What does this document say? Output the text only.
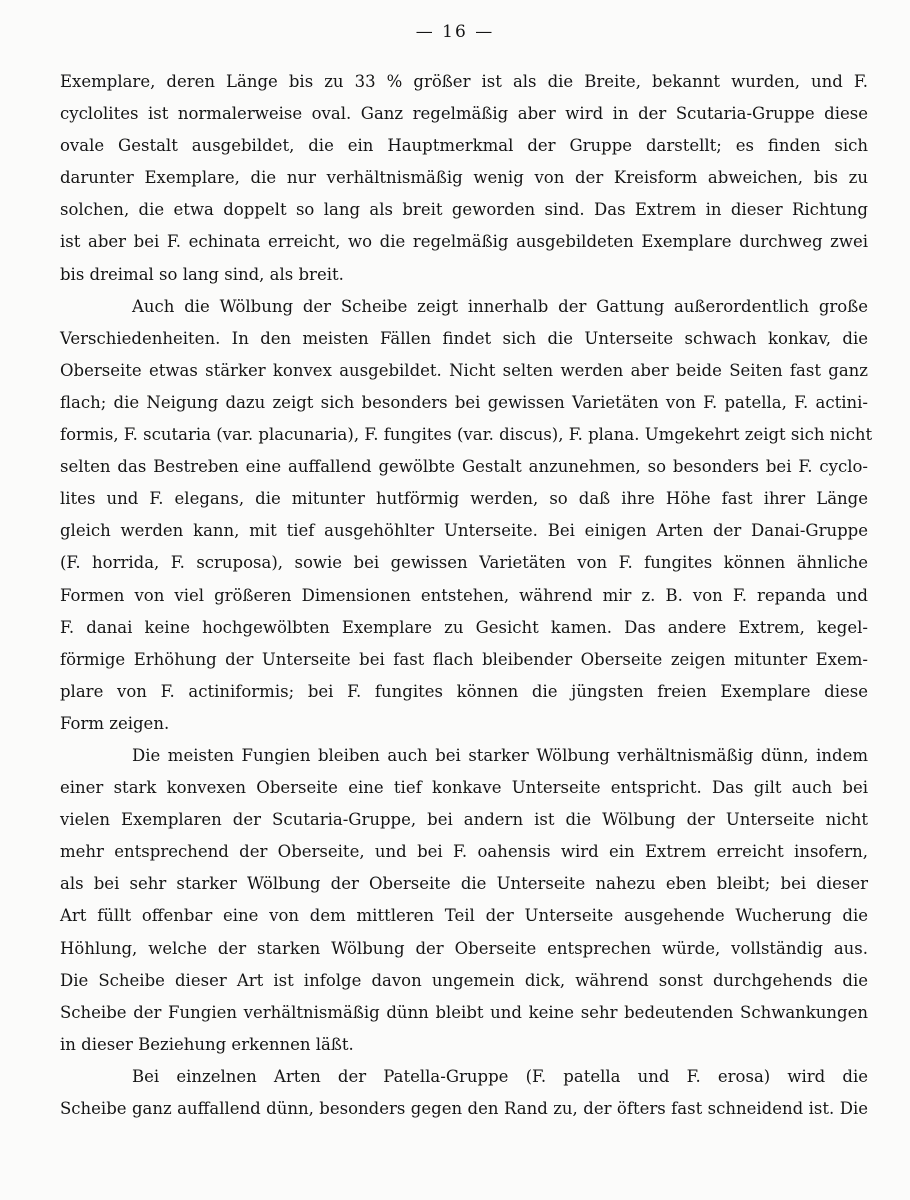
— 16 —

Exemplare, deren Länge bis zu 33 % größer ist als die Breite, bekannt wurden, und F.
cyclolites ist normalerweise oval. Ganz regelmäßig aber wird in der Scutaria-Gruppe diese
ovale Gestalt ausgebildet, die ein Hauptmerkmal der Gruppe darstellt; es finden sich
darunter Exemplare, die nur verhältnismäßig wenig von der Kreisform abweichen, bis zu
solchen, die etwa doppelt so lang als breit geworden sind. Das Extrem in dieser Richtung
ist aber bei F. echinata erreicht, wo die regelmäßig ausgebildeten Exemplare durchweg zwei
bis dreimal so lang sind, als breit.

Auch die Wölbung der Scheibe zeigt innerhalb der Gattung außerordentlich große
Verschiedenheiten. In den meisten Fällen findet sich die Unterseite schwach konkav, die
Oberseite etwas stärker konvex ausgebildet. Nicht selten werden aber beide Seiten fast ganz
flach; die Neigung dazu zeigt sich besonders bei gewissen Varietäten von F. patella, F. actini-
formis, F. scutaria (var. placunaria), F. fungites (var. discus), F. plana. Umgekehrt zeigt sich nicht
selten das Bestreben eine auffallend gewölbte Gestalt anzunehmen, so besonders bei F. cyclo-
lites und F. elegans, die mitunter hutförmig werden, so daß ihre Höhe fast ihrer Länge
gleich werden kann, mit tief ausgehöhlter Unterseite. Bei einigen Arten der Danai-Gruppe
(F. horrida, F. scruposa), sowie bei gewissen Varietäten von F. fungites können ähnliche
Formen von viel größeren Dimensionen entstehen, während mir z. B. von F. repanda und
F. danai keine hochgewölbten Exemplare zu Gesicht kamen. Das andere Extrem, kegel-
förmige Erhöhung der Unterseite bei fast flach bleibender Oberseite zeigen mitunter Exem-
plare von F. actiniformis; bei F. fungites können die jüngsten freien Exemplare diese
Form zeigen.

Die meisten Fungien bleiben auch bei starker Wölbung verhältnismäßig dünn, indem
einer stark konvexen Oberseite eine tief konkave Unterseite entspricht. Das gilt auch bei
vielen Exemplaren der Scutaria-Gruppe, bei andern ist die Wölbung der Unterseite nicht
mehr entsprechend der Oberseite, und bei F. oahensis wird ein Extrem erreicht insofern,
als bei sehr starker Wölbung der Oberseite die Unterseite nahezu eben bleibt; bei dieser
Art füllt offenbar eine von dem mittleren Teil der Unterseite ausgehende Wucherung die
Höhlung, welche der starken Wölbung der Oberseite entsprechen würde, vollständig aus.
Die Scheibe dieser Art ist infolge davon ungemein dick, während sonst durchgehends die
Scheibe der Fungien verhältnismäßig dünn bleibt und keine sehr bedeutenden Schwankungen
in dieser Beziehung erkennen läßt.

Bei einzelnen Arten der Patella-Gruppe (F. patella und F. erosa) wird die
Scheibe ganz auffallend dünn, besonders gegen den Rand zu, der öfters fast schneidend ist. Die
